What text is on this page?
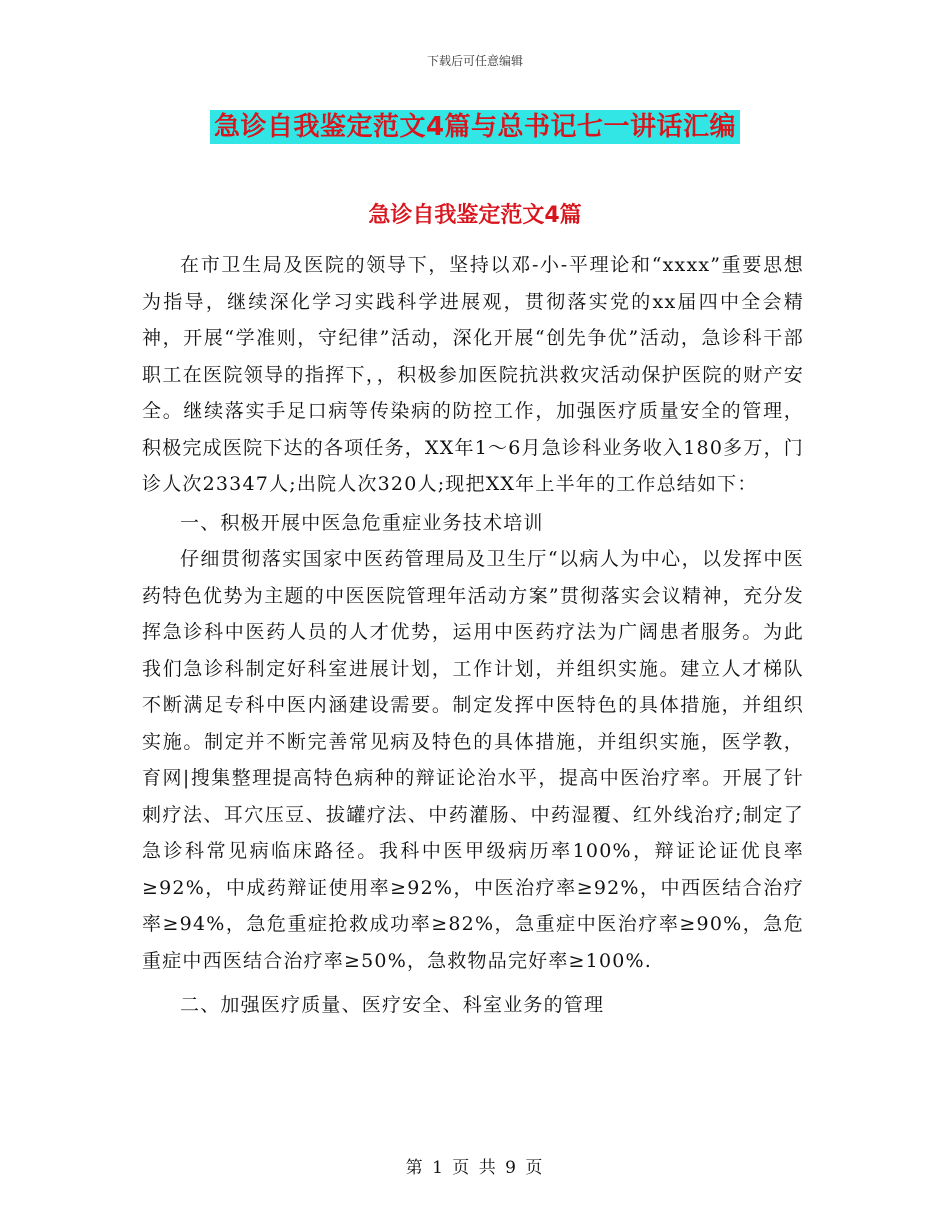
下载后可任意编辑
急诊自我鉴定范文4篇与总书记七一讲话汇编
急诊自我鉴定范文4篇

在市卫生局及医院的领导下，坚持以邓-小-平理论和“xxxx”重要思想为指导，继续深化学习实践科学进展观，贯彻落实党的xx届四中全会精神，开展“学准则，守纪律”活动，深化开展“创先争优”活动，急诊科干部职工在医院领导的指挥下，，积极参加医院抗洪救灾活动保护医院的财产安全。继续落实手足口病等传染病的防控工作，加强医疗质量安全的管理，积极完成医院下达的各项任务，XX年1～6月急诊科业务收入180多万，门诊人次23347人;出院人次320人;现把XX年上半年的工作总结如下：

一、积极开展中医急危重症业务技术培训

仔细贯彻落实国家中医药管理局及卫生厅“以病人为中心，以发挥中医药特色优势为主题的中医医院管理年活动方案”贯彻落实会议精神，充分发挥急诊科中医药人员的人才优势，运用中医药疗法为广阔患者服务。为此我们急诊科制定好科室进展计划，工作计划，并组织实施。建立人才梯队不断满足专科中医内涵建设需要。制定发挥中医特色的具体措施，并组织实施。制定并不断完善常见病及特色的具体措施，并组织实施，医学教，育网|搜集整理提高特色病种的辩证论治水平，提高中医治疗率。开展了针刺疗法、耳穴压豆、拔罐疗法、中药灌肠、中药湿覆、红外线治疗;制定了急诊科常见病临床路径。我科中医甲级病历率100%，辩证论证优良率≥92%，中成药辩证使用率≥92%，中医治疗率≥92%，中西医结合治疗率≥94%，急危重症抢救成功率≥82%，急重症中医治疗率≥90%，急危重症中西医结合治疗率≥50%，急救物品完好率≥100%.

二、加强医疗质量、医疗安全、科室业务的管理

第 1 页 共 9 页
